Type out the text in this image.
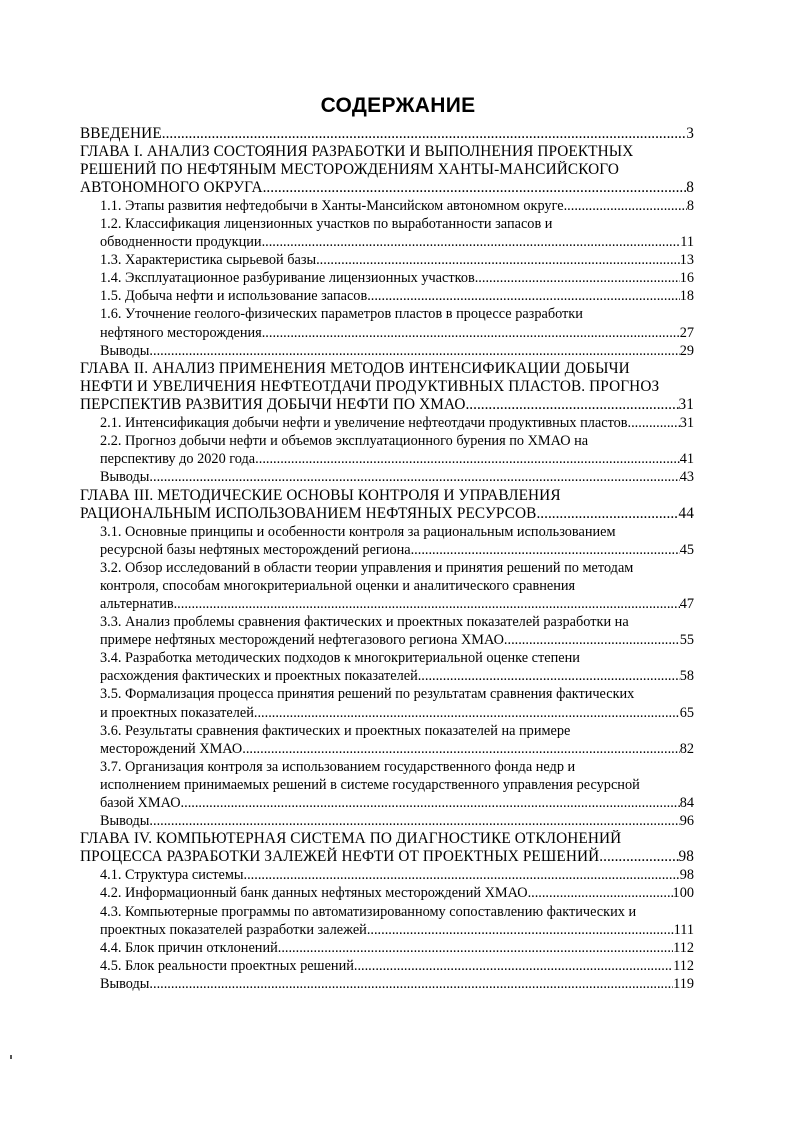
СОДЕРЖАНИЕ
ВВЕДЕНИЕ .....	3
ГЛАВА I. АНАЛИЗ СОСТОЯНИЯ РАЗРАБОТКИ И ВЫПОЛНЕНИЯ ПРОЕКТНЫХ
РЕШЕНИЙ ПО НЕФТЯНЫМ МЕСТОРОЖДЕНИЯМ ХАНТЫ-МАНСИЙСКОГО
АВТОНОМНОГО ОКРУГА .....	8
1.1. Этапы развития нефтедобычи в Ханты-Мансийском автономном округе .....	8
1.2. Классификация лицензионных участков по выработанности запасов и
обводненности продукции .....	11
1.3. Характеристика сырьевой базы .....	13
1.4. Эксплуатационное разбуривание лицензионных участков .....	16
1.5. Добыча нефти и использование запасов .....	18
1.6. Уточнение геолого-физических параметров пластов в процессе разработки
нефтяного месторождения .....	27
Выводы .....	29
ГЛАВА II. АНАЛИЗ ПРИМЕНЕНИЯ МЕТОДОВ ИНТЕНСИФИКАЦИИ ДОБЫЧИ
НЕФТИ И УВЕЛИЧЕНИЯ НЕФТЕОТДАЧИ ПРОДУКТИВНЫХ ПЛАСТОВ. ПРОГНОЗ
ПЕРСПЕКТИВ РАЗВИТИЯ ДОБЫЧИ НЕФТИ ПО ХМАО .....	31
2.1. Интенсификация добычи нефти и увеличение нефтеотдачи продуктивных пластов .....	31
2.2. Прогноз добычи нефти и объемов эксплуатационного бурения по ХМАО на
перспективу до 2020 года .....	41
Выводы .....	43
ГЛАВА III. МЕТОДИЧЕСКИЕ ОСНОВЫ КОНТРОЛЯ И УПРАВЛЕНИЯ
РАЦИОНАЛЬНЫМ ИСПОЛЬЗОВАНИЕМ НЕФТЯНЫХ РЕСУРСОВ .....	44
3.1. Основные принципы и особенности контроля за рациональным использованием
ресурсной базы нефтяных месторождений региона .....	45
3.2. Обзор исследований в области теории управления и принятия решений по методам
контроля, способам многокритериальной оценки и аналитического сравнения
альтернатив .....	47
3.3. Анализ проблемы сравнения фактических и проектных показателей разработки на
примере нефтяных месторождений нефтегазового региона ХМАО .....	55
3.4. Разработка методических подходов к многокритериальной оценке степени
расхождения фактических и проектных показателей .....	58
3.5. Формализация процесса принятия решений по результатам сравнения фактических
и проектных показателей .....	65
3.6. Результаты сравнения фактических и проектных показателей на примере
месторождений ХМАО .....	82
3.7. Организация контроля за использованием государственного фонда недр и
исполнением принимаемых решений в системе государственного управления ресурсной
базой ХМАО .....	84
Выводы .....	96
ГЛАВА IV. КОМПЬЮТЕРНАЯ СИСТЕМА ПО ДИАГНОСТИКЕ ОТКЛОНЕНИЙ
ПРОЦЕССА РАЗРАБОТКИ ЗАЛЕЖЕЙ НЕФТИ ОТ ПРОЕКТНЫХ РЕШЕНИЙ .....	98
4.1. Структура системы .....	98
4.2. Информационный банк данных нефтяных месторождений ХМАО .....	100
4.3. Компьютерные программы по автоматизированному сопоставлению фактических и
проектных показателей разработки залежей .....	111
4.4. Блок причин отклонений .....	112
4.5. Блок реальности проектных решений .....	112
Выводы .....	119
